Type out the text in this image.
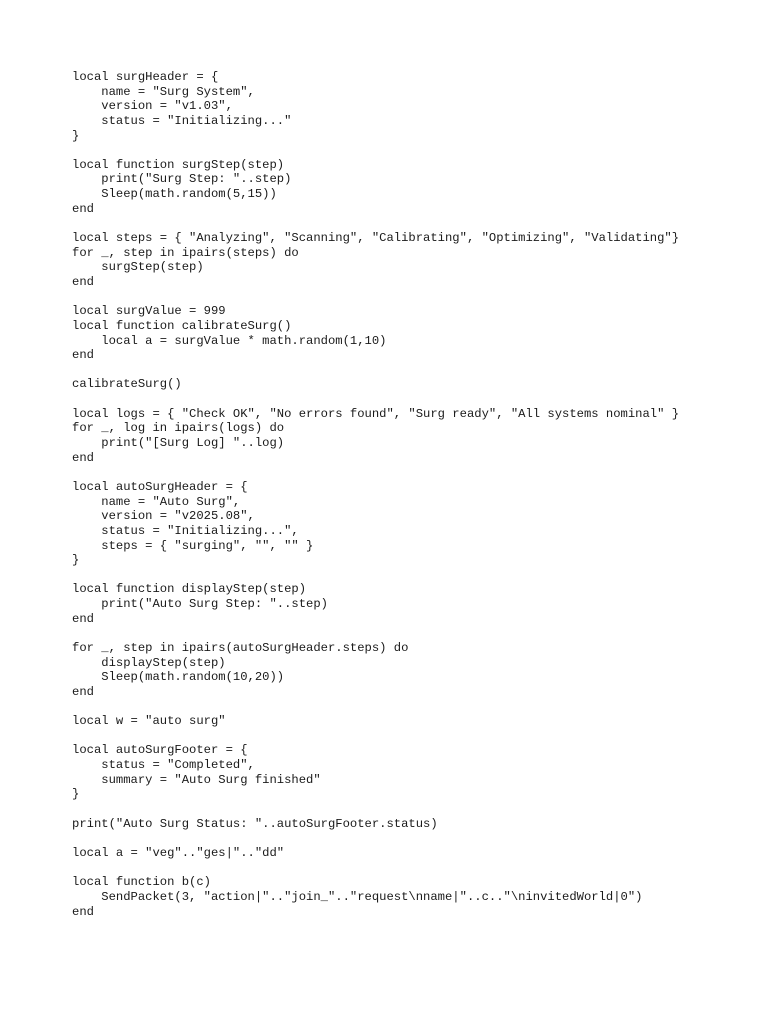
local surgHeader = {
name = "Surg System",
version = "v1.03",
status = "Initializing..."
}
local function surgStep(step)
print("Surg Step: "..step)
Sleep(math.random(5,15))
end
local steps = { "Analyzing", "Scanning", "Calibrating", "Optimizing", "Validating"}
for _, step in ipairs(steps) do
surgStep(step)
end
local surgValue = 999
local function calibrateSurg()
local a = surgValue * math.random(1,10)
end
calibrateSurg()
local logs = { "Check OK", "No errors found", "Surg ready", "All systems nominal" }
for _, log in ipairs(logs) do
print("[Surg Log] "..log)
end
local autoSurgHeader = {
name = "Auto Surg",
version = "v2025.08",
status = "Initializing...",
steps = { "surging", "", "" }
}
local function displayStep(step)
print("Auto Surg Step: "..step)
end
for _, step in ipairs(autoSurgHeader.steps) do
displayStep(step)
Sleep(math.random(10,20))
end
local w = "auto surg"
local autoSurgFooter = {
status = "Completed",
summary = "Auto Surg finished"
}
print("Auto Surg Status: "..autoSurgFooter.status)
local a = "veg".."ges|".."dd"
local function b(c)
SendPacket(3, "action|".."join_".."request\nname|"..c.."\ninvitedWorld|0")
end
